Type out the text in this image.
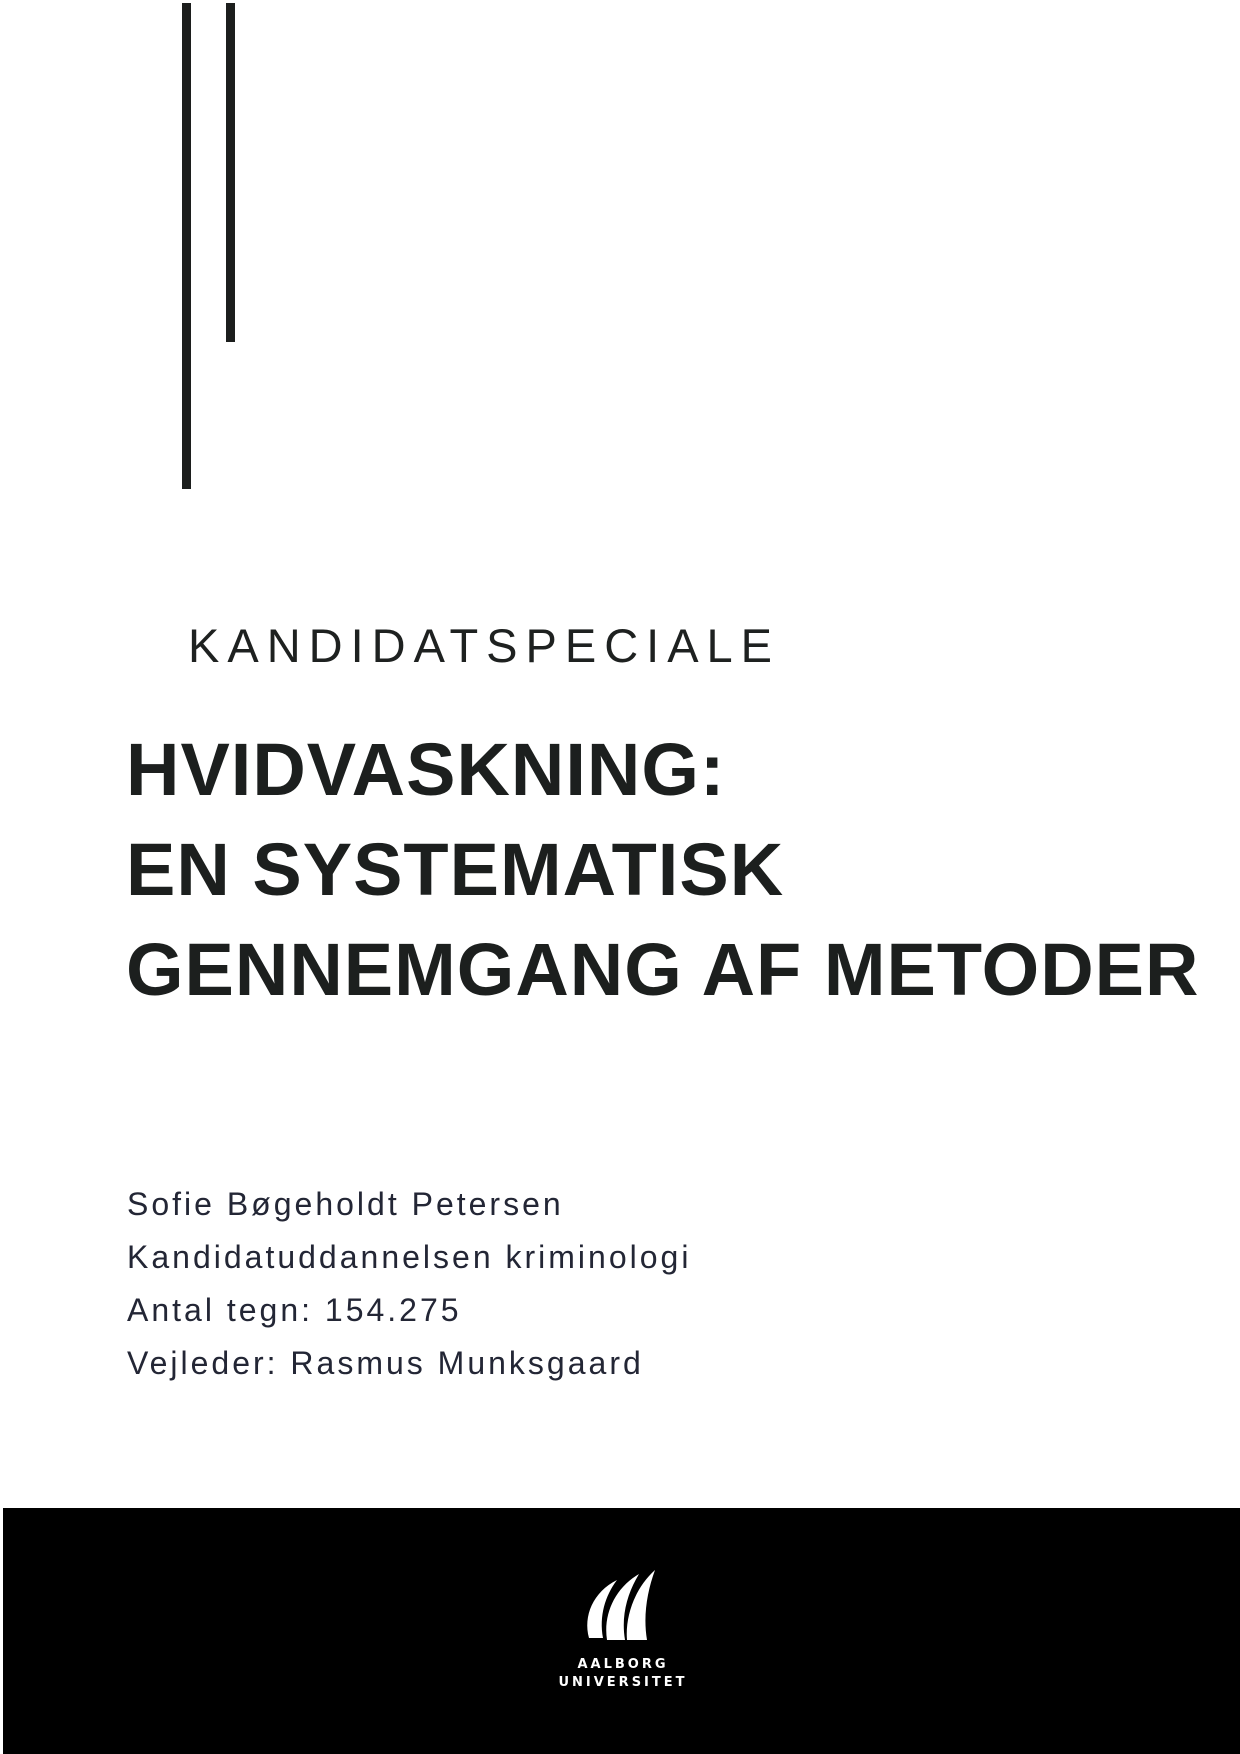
KANDIDATSPECIALE
HVIDVASKNING:
EN SYSTEMATISK
GENNEMGANG AF METODER
Sofie Bøgeholdt Petersen
Kandidatuddannelsen kriminologi
Antal tegn: 154.275
Vejleder: Rasmus Munksgaard
AALBORG
UNIVERSITET
